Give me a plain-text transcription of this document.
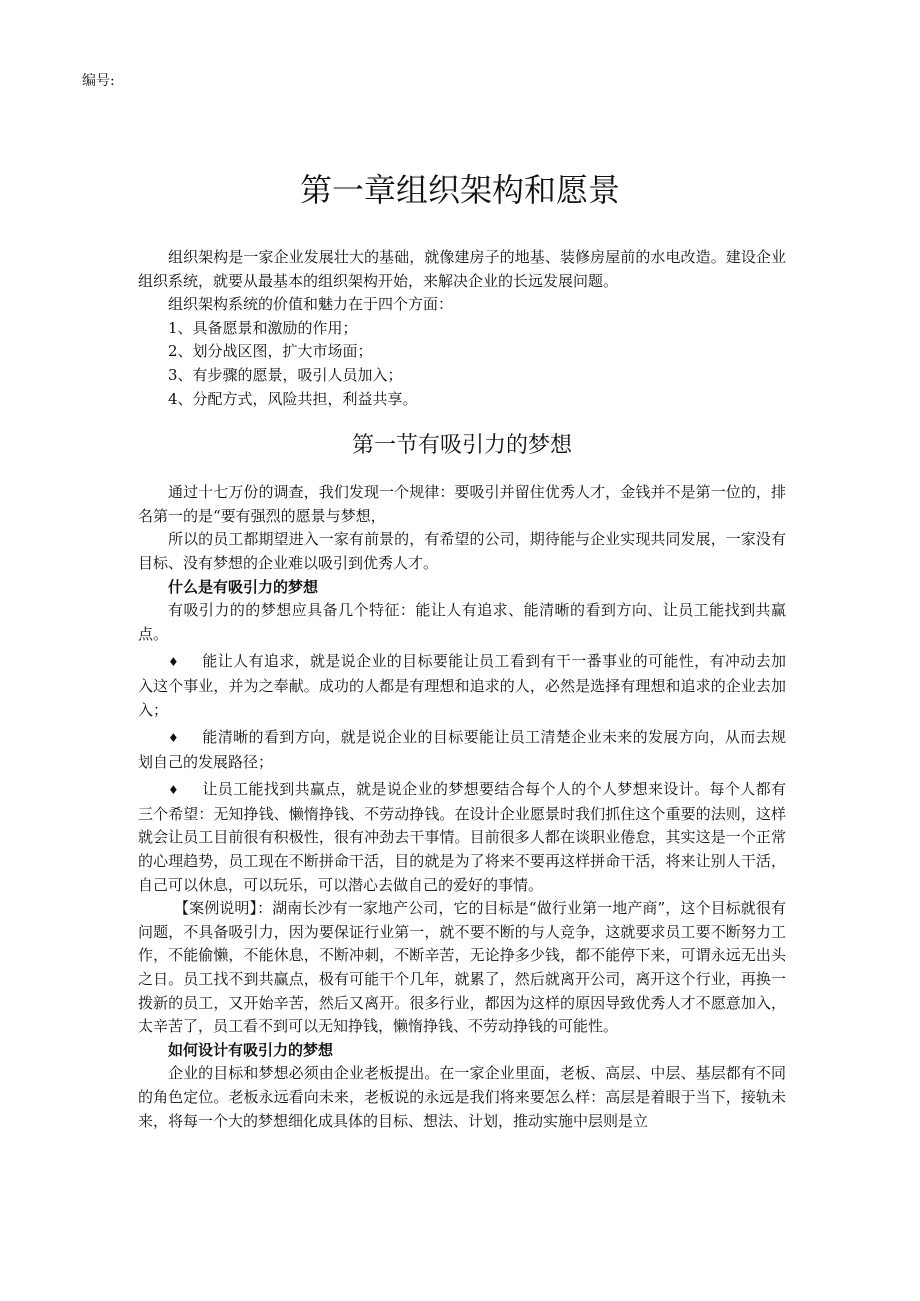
编号:
第一章组织架构和愿景

组织架构是一家企业发展壮大的基础，就像建房子的地基、装修房屋前的水电改造。建设企业组织系统，就要从最基本的组织架构开始，来解决企业的长远发展问题。

组织架构系统的价值和魅力在于四个方面：

1、具备愿景和激励的作用；

2、划分战区图，扩大市场面；

3、有步骤的愿景，吸引人员加入；

4、分配方式，风险共担，利益共享。

第一节有吸引力的梦想

通过十七万份的调查，我们发现一个规律：要吸引并留住优秀人才，金钱并不是第一位的，排名第一的是“要有强烈的愿景与梦想，

所以的员工都期望进入一家有前景的，有希望的公司，期待能与企业实现共同发展，一家没有目标、没有梦想的企业难以吸引到优秀人才。

什么是有吸引力的梦想

有吸引力的的梦想应具备几个特征：能让人有追求、能清晰的看到方向、让员工能找到共赢点。

♦ 能让人有追求，就是说企业的目标要能让员工看到有干一番事业的可能性，有冲动去加入这个事业，并为之奉献。成功的人都是有理想和追求的人，必然是选择有理想和追求的企业去加入；

♦ 能清晰的看到方向，就是说企业的目标要能让员工清楚企业未来的发展方向，从而去规划自己的发展路径；

♦ 让员工能找到共赢点，就是说企业的梦想要结合每个人的个人梦想来设计。每个人都有三个希望：无知挣钱、懒惰挣钱、不劳动挣钱。在设计企业愿景时我们抓住这个重要的法则，这样就会让员工目前很有积极性，很有冲劲去干事情。目前很多人都在谈职业倦怠，其实这是一个正常的心理趋势，员工现在不断拼命干活，目的就是为了将来不要再这样拼命干活，将来让别人干活，自己可以休息，可以玩乐，可以潜心去做自己的爱好的事情。

【案例说明】：湖南长沙有一家地产公司，它的目标是“做行业第一地产商”，这个目标就很有问题，不具备吸引力，因为要保证行业第一，就不要不断的与人竞争，这就要求员工要不断努力工作，不能偷懒，不能休息，不断冲刺，不断辛苦，无论挣多少钱，都不能停下来，可谓永远无出头之日。员工找不到共赢点，极有可能干个几年，就累了，然后就离开公司，离开这个行业，再换一拨新的员工，又开始辛苦，然后又离开。很多行业，都因为这样的原因导致优秀人才不愿意加入，太辛苦了，员工看不到可以无知挣钱，懒惰挣钱、不劳动挣钱的可能性。

如何设计有吸引力的梦想

企业的目标和梦想必须由企业老板提出。在一家企业里面，老板、高层、中层、基层都有不同的角色定位。老板永远看向未来，老板说的永远是我们将来要怎么样：高层是着眼于当下，接轨未来，将每一个大的梦想细化成具体的目标、想法、计划，推动实施中层则是立
